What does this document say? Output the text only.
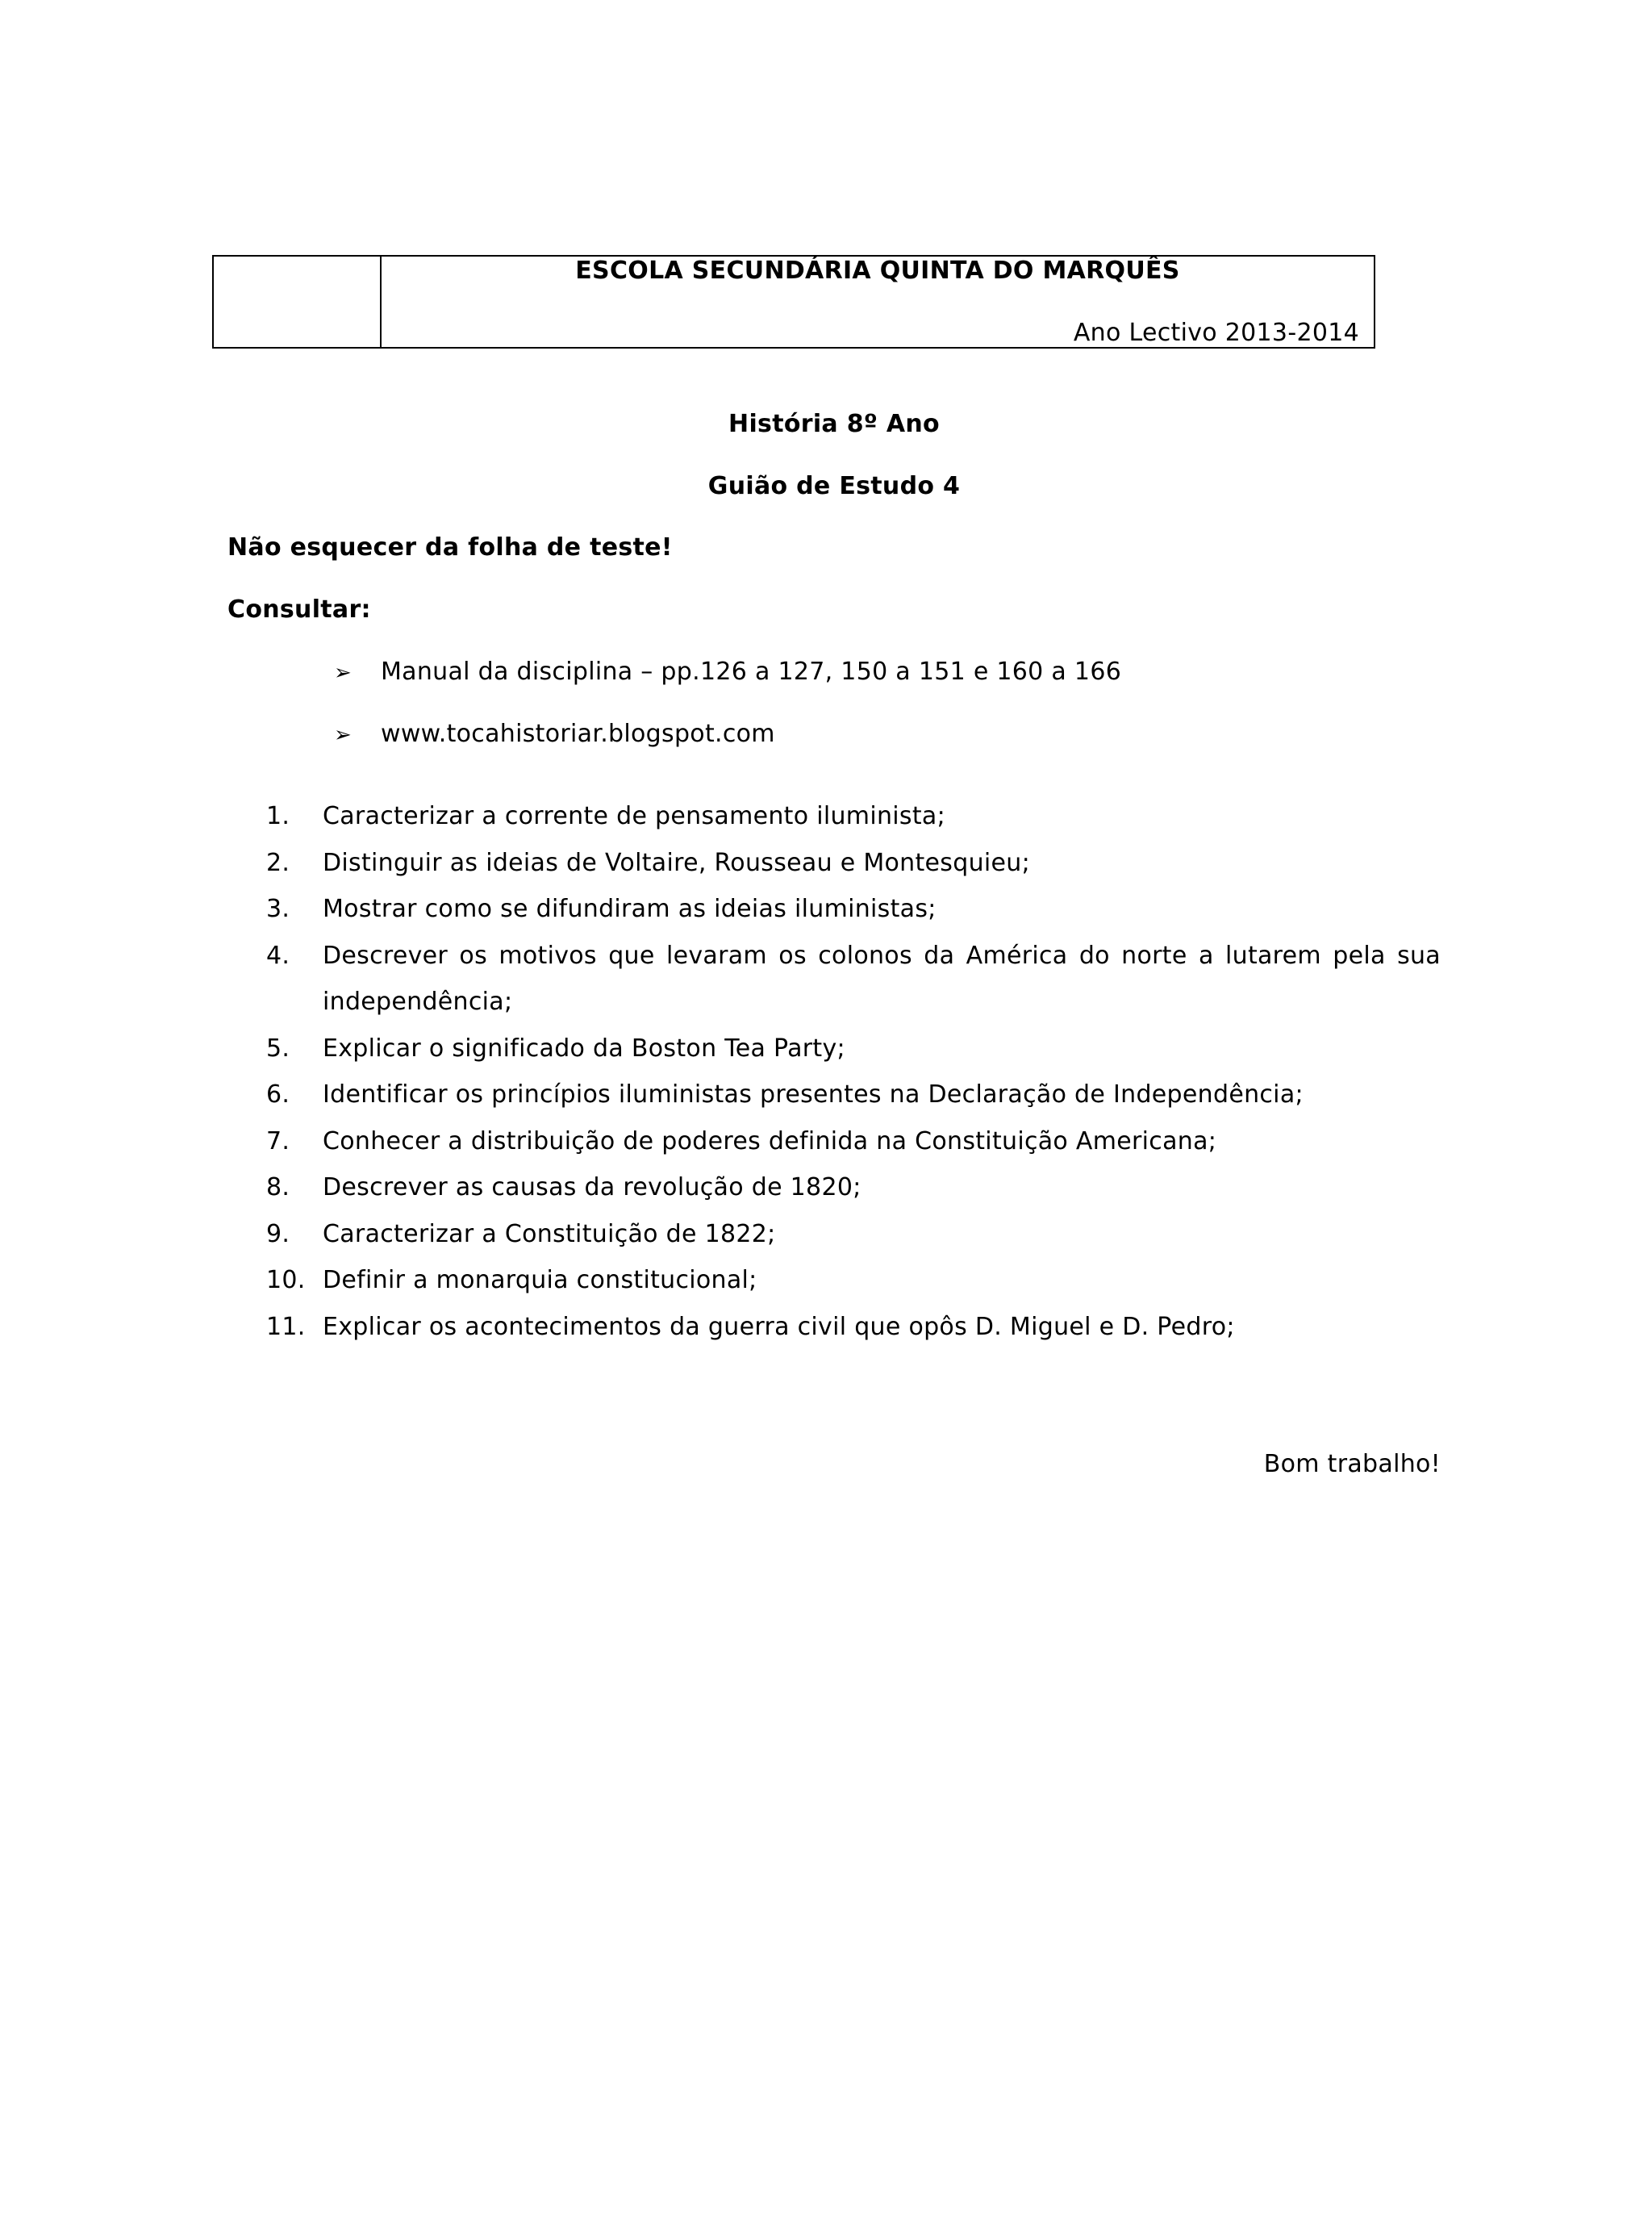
ESCOLA SECUNDÁRIA QUINTA DO MARQUÊS
Ano Lectivo 2013-2014
História 8º Ano
Guião de Estudo 4
Não esquecer da folha de teste!
Consultar:
➢	Manual da disciplina – pp.126 a 127, 150 a 151 e 160 a 166
➢	www.tocahistoriar.blogspot.com
1.	Caracterizar a corrente de pensamento iluminista;
2.	Distinguir as ideias de Voltaire, Rousseau e Montesquieu;
3.	Mostrar como se difundiram as ideias iluministas;
4.	Descrever os motivos que levaram os colonos da América do norte a lutarem pela sua independência;
5.	Explicar o significado da Boston Tea Party;
6.	Identificar os princípios iluministas presentes na Declaração de Independência;
7.	Conhecer a distribuição de poderes definida na Constituição Americana;
8.	Descrever as causas da revolução de 1820;
9.	Caracterizar a Constituição de 1822;
10. Definir a monarquia constitucional;
11. Explicar os acontecimentos da guerra civil que opôs D. Miguel e D. Pedro;
Bom trabalho!
